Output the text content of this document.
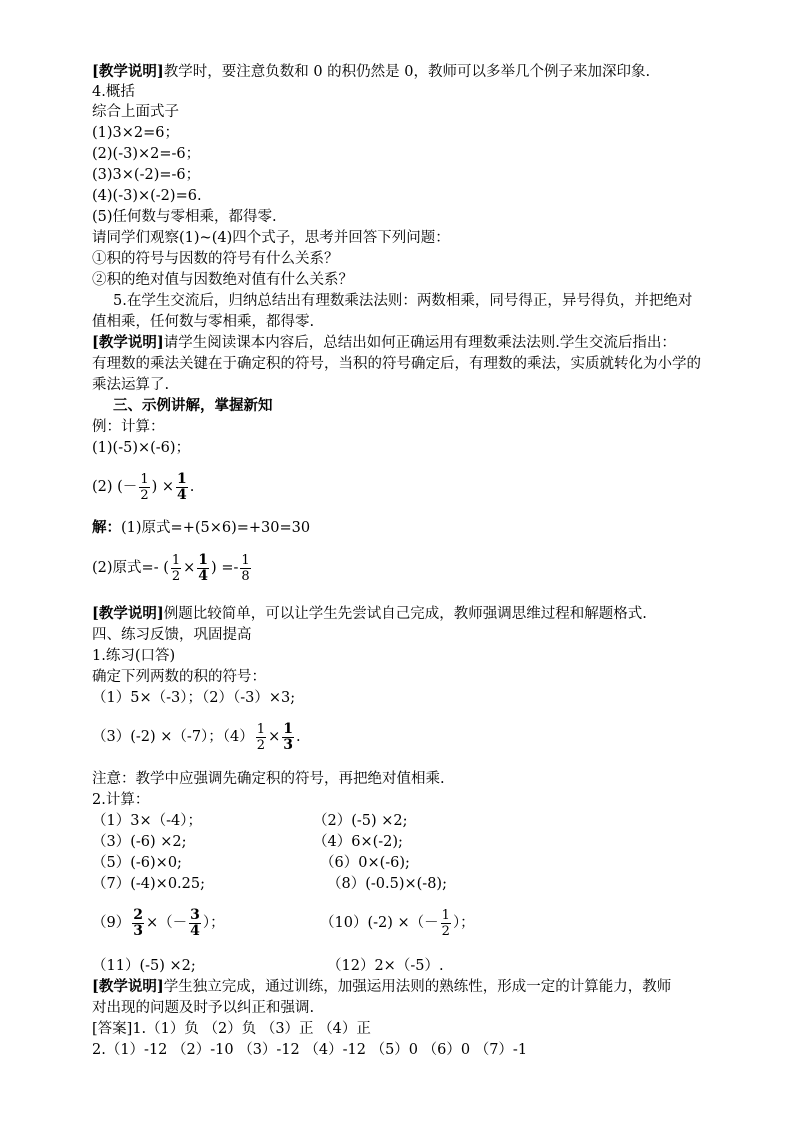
[教学说明]教学时，要注意负数和 0 的积仍然是 0，教师可以多举几个例子来加深印象.
4.概括
综合上面式子
(1)3×2=6；
(2)(-3)×2=-6；
(3)3×(-2)=-6；
(4)(-3)×(-2)=6.
(5)任何数与零相乘，都得零.
请同学们观察(1)~(4)四个式子，思考并回答下列问题：
①积的符号与因数的符号有什么关系？
②积的绝对值与因数绝对值有什么关系？
5.在学生交流后，归纳总结出有理数乘法法则：两数相乘，同号得正，异号得负，并把绝对
值相乘，任何数与零相乘，都得零.
[教学说明]请学生阅读课本内容后，总结出如何正确运用有理数乘法法则.学生交流后指出：
有理数的乘法关键在于确定积的符号，当积的符号确定后，有理数的乘法，实质就转化为小学的
乘法运算了.
三、示例讲解，掌握新知
例：计算：
(1)(-5)×(-6)；
(2) (－ $\frac{1}{2}$ ) × $\frac{1}{4}$ .
解：(1)原式=+(5×6)=+30=30
(2)原式=- ( $\frac{1}{2} \times \frac{1}{4}$ ) =- $\frac{1}{8}$
[教学说明]例题比较简单，可以让学生先尝试自己完成，教师强调思维过程和解题格式.
四、练习反馈，巩固提高
1.练习(口答)
确定下列两数的积的符号：
（1）5×（-3）；（2）（-3）×3;
（3）(-2) ×（-7）；$(4) \frac{1}{2} \times \frac{1}{3}$ .
注意：教学中应强调先确定积的符号，再把绝对值相乘.
2.计算：
（1）3×（-4）；	（2）(-5) ×2;
（3）(-6) ×2;	（4）6×(-2);
（5）(-6)×0;	（6）0×(-6);
（7）(-4)×0.25;	（8）(-0.5)×(-8);
$(9) \frac{2}{3}$ ×（－ $\frac{3}{4}$ ）；	（10）(-2) ×（－ $\frac{1}{2}$ ）；
（11）(-5) ×2;	（12）2×（-5）.
[教学说明]学生独立完成，通过训练，加强运用法则的熟练性，形成一定的计算能力，教师
对出现的问题及时予以纠正和强调.
[答案]1.（1）负 （2）负 （3）正 （4）正
2.（1）-12 （2）-10 （3）-12 （4）-12 （5）0 （6）0 （7）-1
